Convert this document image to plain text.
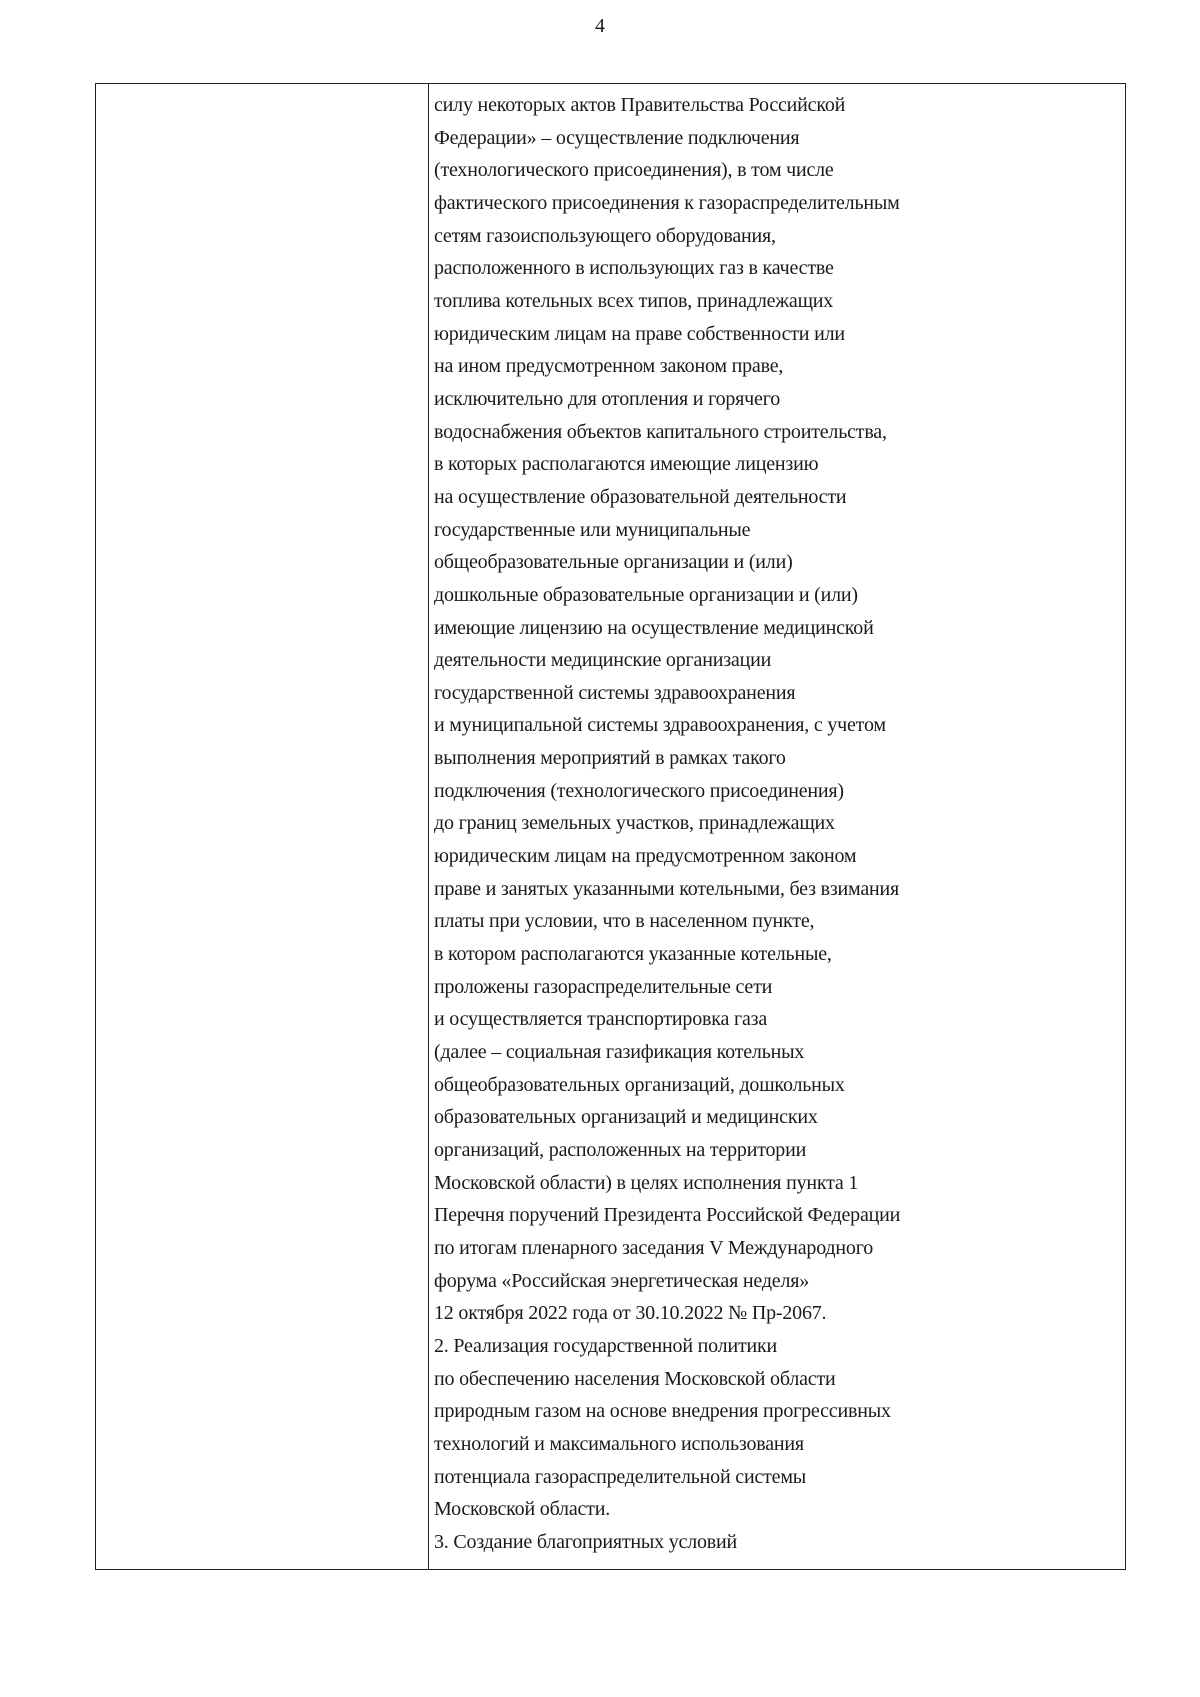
4
силу некоторых актов Правительства Российской
Федерации» – осуществление подключения
(технологического присоединения), в том числе
фактического присоединения к газораспределительным
сетям газоиспользующего оборудования,
расположенного в использующих газ в качестве
топлива котельных всех типов, принадлежащих
юридическим лицам на праве собственности или
на ином предусмотренном законом праве,
исключительно для отопления и горячего
водоснабжения объектов капитального строительства,
в которых располагаются имеющие лицензию
на осуществление образовательной деятельности
государственные или муниципальные
общеобразовательные организации и (или)
дошкольные образовательные организации и (или)
имеющие лицензию на осуществление медицинской
деятельности медицинские организации
государственной системы здравоохранения
и муниципальной системы здравоохранения, с учетом
выполнения мероприятий в рамках такого
подключения (технологического присоединения)
до границ земельных участков, принадлежащих
юридическим лицам на предусмотренном законом
праве и занятых указанными котельными, без взимания
платы при условии, что в населенном пункте,
в котором располагаются указанные котельные,
проложены газораспределительные сети
и осуществляется транспортировка газа
(далее – социальная газификация котельных
общеобразовательных организаций, дошкольных
образовательных организаций и медицинских
организаций, расположенных на территории
Московской области) в целях исполнения пункта 1
Перечня поручений Президента Российской Федерации
по итогам пленарного заседания V Международного
форума «Российская энергетическая неделя»
12 октября 2022 года от 30.10.2022 № Пр-2067.
2. Реализация государственной политики
по обеспечению населения Московской области
природным газом на основе внедрения прогрессивных
технологий и максимального использования
потенциала газораспределительной системы
Московской области.
3. Создание благоприятных условий
